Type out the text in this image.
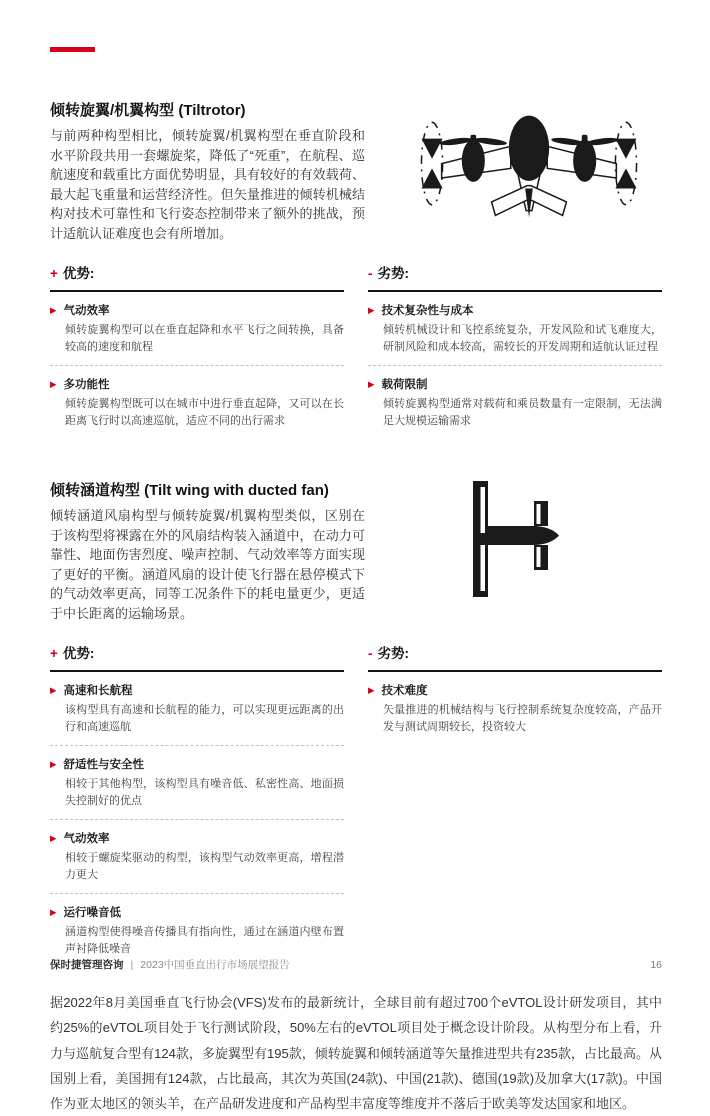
倾转旋翼/机翼构型 (Tiltrotor)
与前两种构型相比，倾转旋翼/机翼构型在垂直阶段和水平阶段共用一套螺旋桨，降低了“死重”，在航程、巡航速度和载重比方面优势明显，具有较好的有效载荷、最大起飞重量和运营经济性。但矢量推进的倾转机械结构对技术可靠性和飞行姿态控制带来了额外的挑战，预计适航认证难度也会有所增加。
+ 优势:
▶ 气动效率
倾转旋翼构型可以在垂直起降和水平飞行之间转换，具备较高的速度和航程
▶ 多功能性
倾转旋翼构型既可以在城市中进行垂直起降，又可以在长距离飞行时以高速巡航，适应不同的出行需求
- 劣势:
▶ 技术复杂性与成本
倾转机械设计和飞控系统复杂，开发风险和试飞难度大，研制风险和成本较高，需较长的开发周期和适航认证过程
▶ 载荷限制
倾转旋翼构型通常对载荷和乘员数量有一定限制，无法满足大规模运输需求
倾转涵道构型 (Tilt wing with ducted fan)
倾转涵道风扇构型与倾转旋翼/机翼构型类似，区别在于该构型将裸露在外的风扇结构装入涵道中，在动力可靠性、地面伤害烈度、噪声控制、气动效率等方面实现了更好的平衡。涵道风扇的设计使飞行器在悬停模式下的气动效率更高，同等工况条件下的耗电量更少，更适于中长距离的运输场景。
+ 优势:
▶ 高速和长航程
该构型具有高速和长航程的能力，可以实现更远距离的出行和高速巡航
▶ 舒适性与安全性
相较于其他构型，该构型具有噪音低、私密性高、地面损失控制好的优点
▶ 气动效率
相较于螺旋桨驱动的构型，该构型气动效率更高，增程潜力更大
▶ 运行噪音低
涵道构型使得噪音传播具有指向性，通过在涵道内壁布置声衬降低噪音
- 劣势:
▶ 技术难度
矢量推进的机械结构与飞行控制系统复杂度较高，产品开发与测试周期较长，投资较大
据2022年8月美国垂直飞行协会(VFS)发布的最新统计，全球目前有超过700个eVTOL设计研发项目，其中约25%的eVTOL项目处于飞行测试阶段，50%左右的eVTOL项目处于概念设计阶段。从构型分布上看，升力与巡航复合型有124款，多旋翼型有195款，倾转旋翼和倾转涵道等矢量推进型共有235款，占比最高。从国别上看，美国拥有124款，占比最高，其次为英国(24款)、中国(21款)、德国(19款)及加拿大(17款)。中国作为亚太地区的领头羊，在产品研发进度和产品构型丰富度等维度并不落后于欧美等发达国家和地区。
保时捷管理咨询 | 2023中国垂直出行市场展望报告	16
